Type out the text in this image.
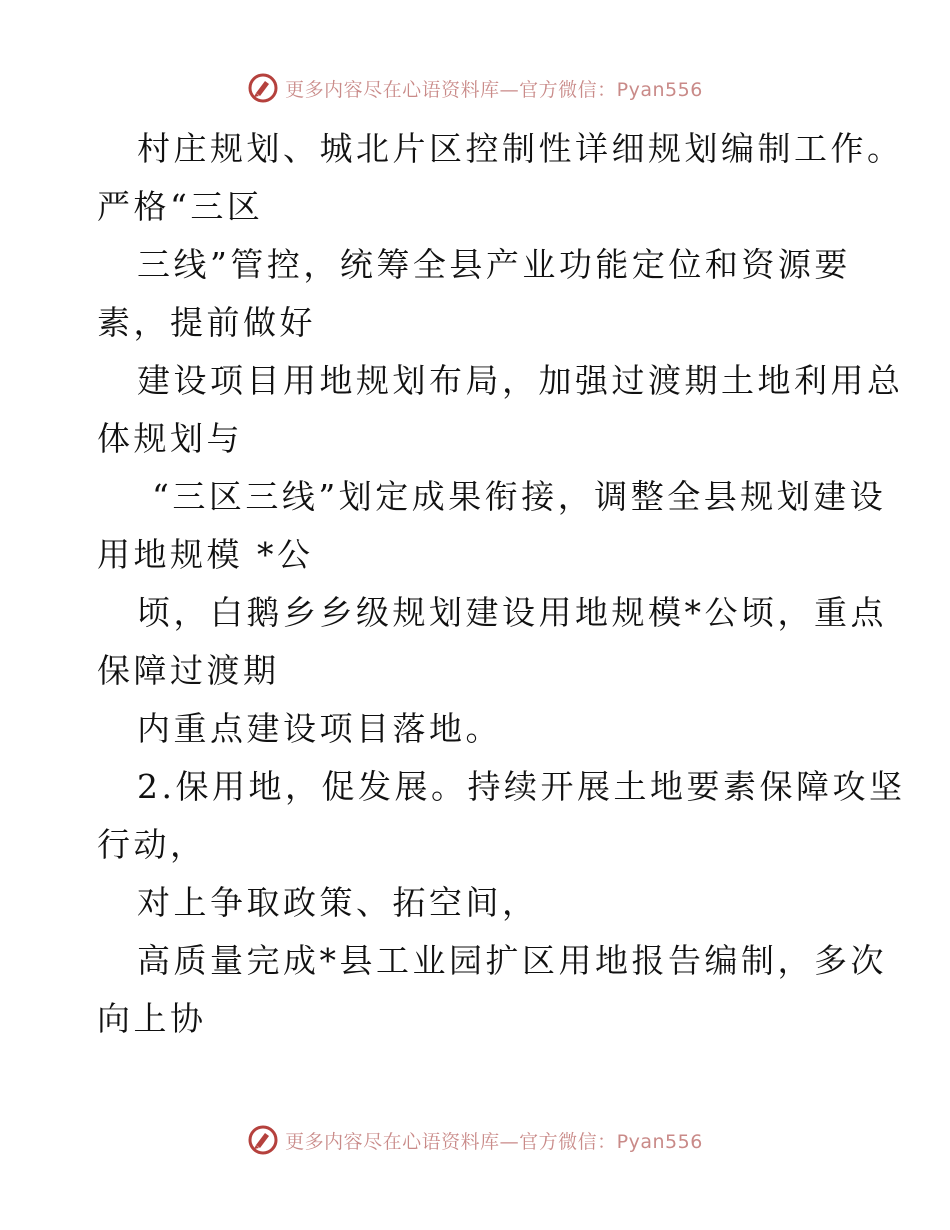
更多内容尽在心语资料库—官方微信：Pyan556
村庄规划、城北片区控制性详细规划编制工作。
严格“三区
三线”管控，统筹全县产业功能定位和资源要
素，提前做好
建设项目用地规划布局，加强过渡期土地利用总
体规划与
“三区三线”划定成果衔接，调整全县规划建设
用地规模 *公
顷，白鹅乡乡级规划建设用地规模*公顷，重点
保障过渡期
内重点建设项目落地。
2.保用地，促发展。持续开展土地要素保障攻坚
行动，
对上争取政策、拓空间，
高质量完成*县工业园扩区用地报告编制，多次
向上协
更多内容尽在心语资料库—官方微信：Pyan556
